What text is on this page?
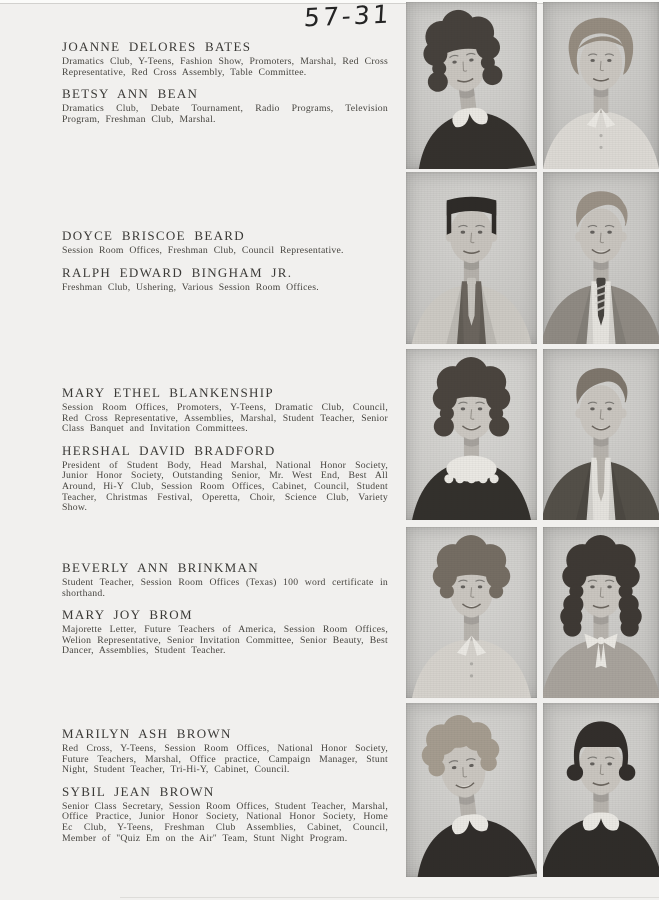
57-31
JOANNE DELORES BATES

Dramatics Club, Y-Teens, Fashion Show, Promoters, Marshal, Red Cross Representative, Red Cross Assembly, Table Committee.

BETSY ANN BEAN

Dramatics Club, Debate Tournament, Radio Programs, Television Program, Freshman Club, Marshal.

DOYCE BRISCOE BEARD

Session Room Offices, Freshman Club, Council Representative.

RALPH EDWARD BINGHAM JR.

Freshman Club, Ushering, Various Session Room Offices.

MARY ETHEL BLANKENSHIP

Session Room Offices, Promoters, Y-Teens, Dramatic Club, Council, Red Cross Representative, Assemblies, Marshal, Student Teacher, Senior Class Banquet and Invitation Committees.

HERSHAL DAVID BRADFORD

President of Student Body, Head Marshal, National Honor Society, Junior Honor Society, Outstanding Senior, Mr. West End, Best All Around, Hi-Y Club, Session Room Offices, Cabinet, Council, Student Teacher, Christmas Festival, Operetta, Choir, Science Club, Variety Show.

BEVERLY ANN BRINKMAN

Student Teacher, Session Room Offices (Texas) 100 word certificate in shorthand.

MARY JOY BROM

Majorette Letter, Future Teachers of America, Session Room Offices, Welion Representative, Senior Invitation Committee, Senior Beauty, Best Dancer, Assemblies, Student Teacher.

MARILYN ASH BROWN

Red Cross, Y-Teens, Session Room Offices, National Honor Society, Future Teachers, Marshal, Office practice, Campaign Manager, Stunt Night, Student Teacher, Tri-Hi-Y, Cabinet, Council.

SYBIL JEAN BROWN

Senior Class Secretary, Session Room Offices, Student Teacher, Marshal, Office Practice, Junior Honor Society, National Honor Society, Home Ec Club, Y-Teens, Freshman Club Assemblies, Cabinet, Council, Member of "Quiz Em on the Air" Team, Stunt Night Program.
